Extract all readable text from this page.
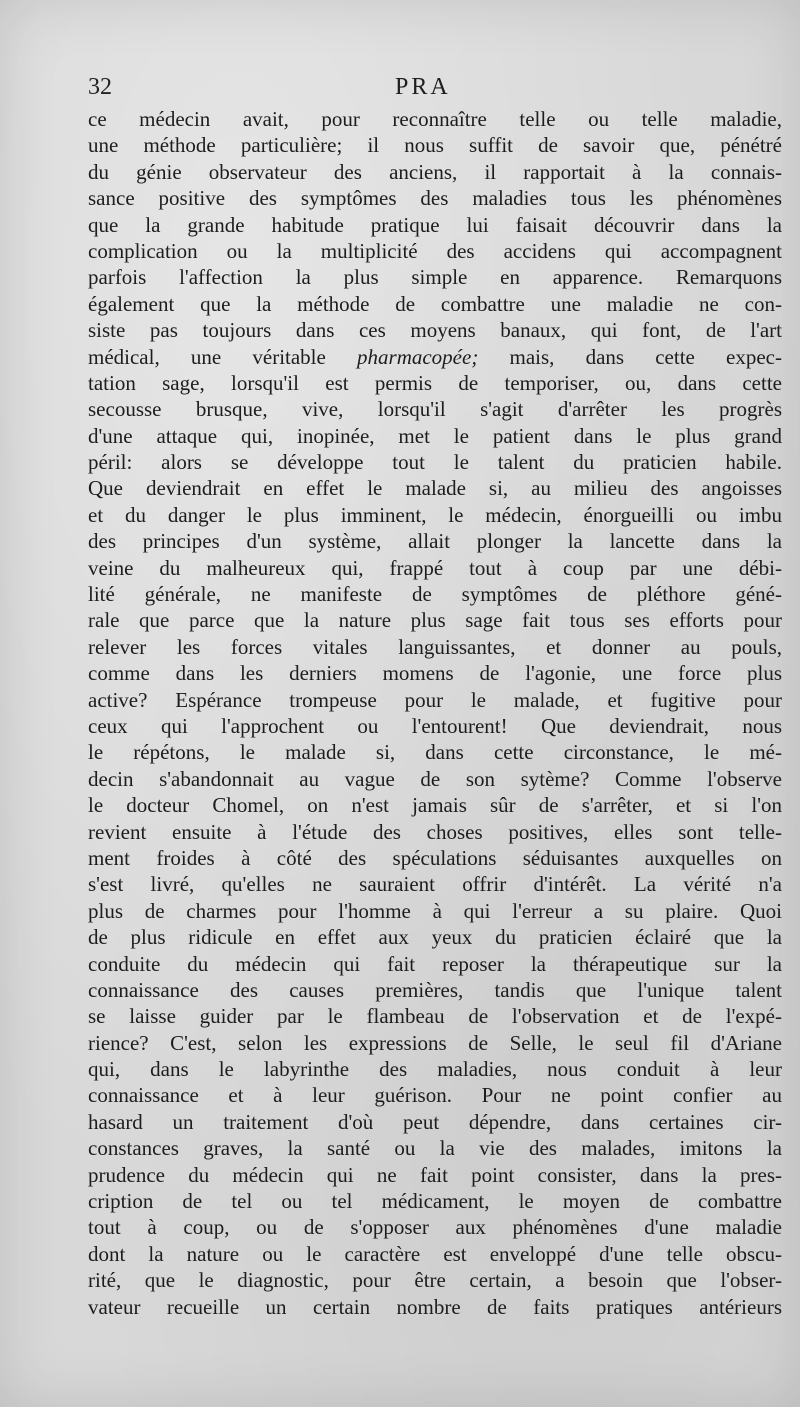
32	PRA
ce médecin avait, pour reconnaître telle ou telle maladie,
une méthode particulière; il nous suffit de savoir que, pénétré
du génie observateur des anciens, il rapportait à la connais-
sance positive des symptômes des maladies tous les phénomènes
que la grande habitude pratique lui faisait découvrir dans la
complication ou la multiplicité des accidens qui accompagnent
parfois l'affection la plus simple en apparence. Remarquons
également que la méthode de combattre une maladie ne con-
siste pas toujours dans ces moyens banaux, qui font, de l'art
médical, une véritable pharmacopée; mais, dans cette expec-
tation sage, lorsqu'il est permis de temporiser, ou, dans cette
secousse brusque, vive, lorsqu'il s'agit d'arrêter les progrès
d'une attaque qui, inopinée, met le patient dans le plus grand
péril: alors se développe tout le talent du praticien habile.
Que deviendrait en effet le malade si, au milieu des angoisses
et du danger le plus imminent, le médecin, énorgueilli ou imbu
des principes d'un système, allait plonger la lancette dans la
veine du malheureux qui, frappé tout à coup par une débi-
lité générale, ne manifeste de symptômes de pléthore géné-
rale que parce que la nature plus sage fait tous ses efforts pour
relever les forces vitales languissantes, et donner au pouls,
comme dans les derniers momens de l'agonie, une force plus
active? Espérance trompeuse pour le malade, et fugitive pour
ceux qui l'approchent ou l'entourent! Que deviendrait, nous
le répétons, le malade si, dans cette circonstance, le mé-
decin s'abandonnait au vague de son sytème? Comme l'observe
le docteur Chomel, on n'est jamais sûr de s'arrêter, et si l'on
revient ensuite à l'étude des choses positives, elles sont telle-
ment froides à côté des spéculations séduisantes auxquelles on
s'est livré, qu'elles ne sauraient offrir d'intérêt. La vérité n'a
plus de charmes pour l'homme à qui l'erreur a su plaire. Quoi
de plus ridicule en effet aux yeux du praticien éclairé que la
conduite du médecin qui fait reposer la thérapeutique sur la
connaissance des causes premières, tandis que l'unique talent
se laisse guider par le flambeau de l'observation et de l'expé-
rience? C'est, selon les expressions de Selle, le seul fil d'Ariane
qui, dans le labyrinthe des maladies, nous conduit à leur
connaissance et à leur guérison. Pour ne point confier au
hasard un traitement d'où peut dépendre, dans certaines cir-
constances graves, la santé ou la vie des malades, imitons la
prudence du médecin qui ne fait point consister, dans la pres-
cription de tel ou tel médicament, le moyen de combattre
tout à coup, ou de s'opposer aux phénomènes d'une maladie
dont la nature ou le caractère est enveloppé d'une telle obscu-
rité, que le diagnostic, pour être certain, a besoin que l'obser-
vateur recueille un certain nombre de faits pratiques antérieurs
